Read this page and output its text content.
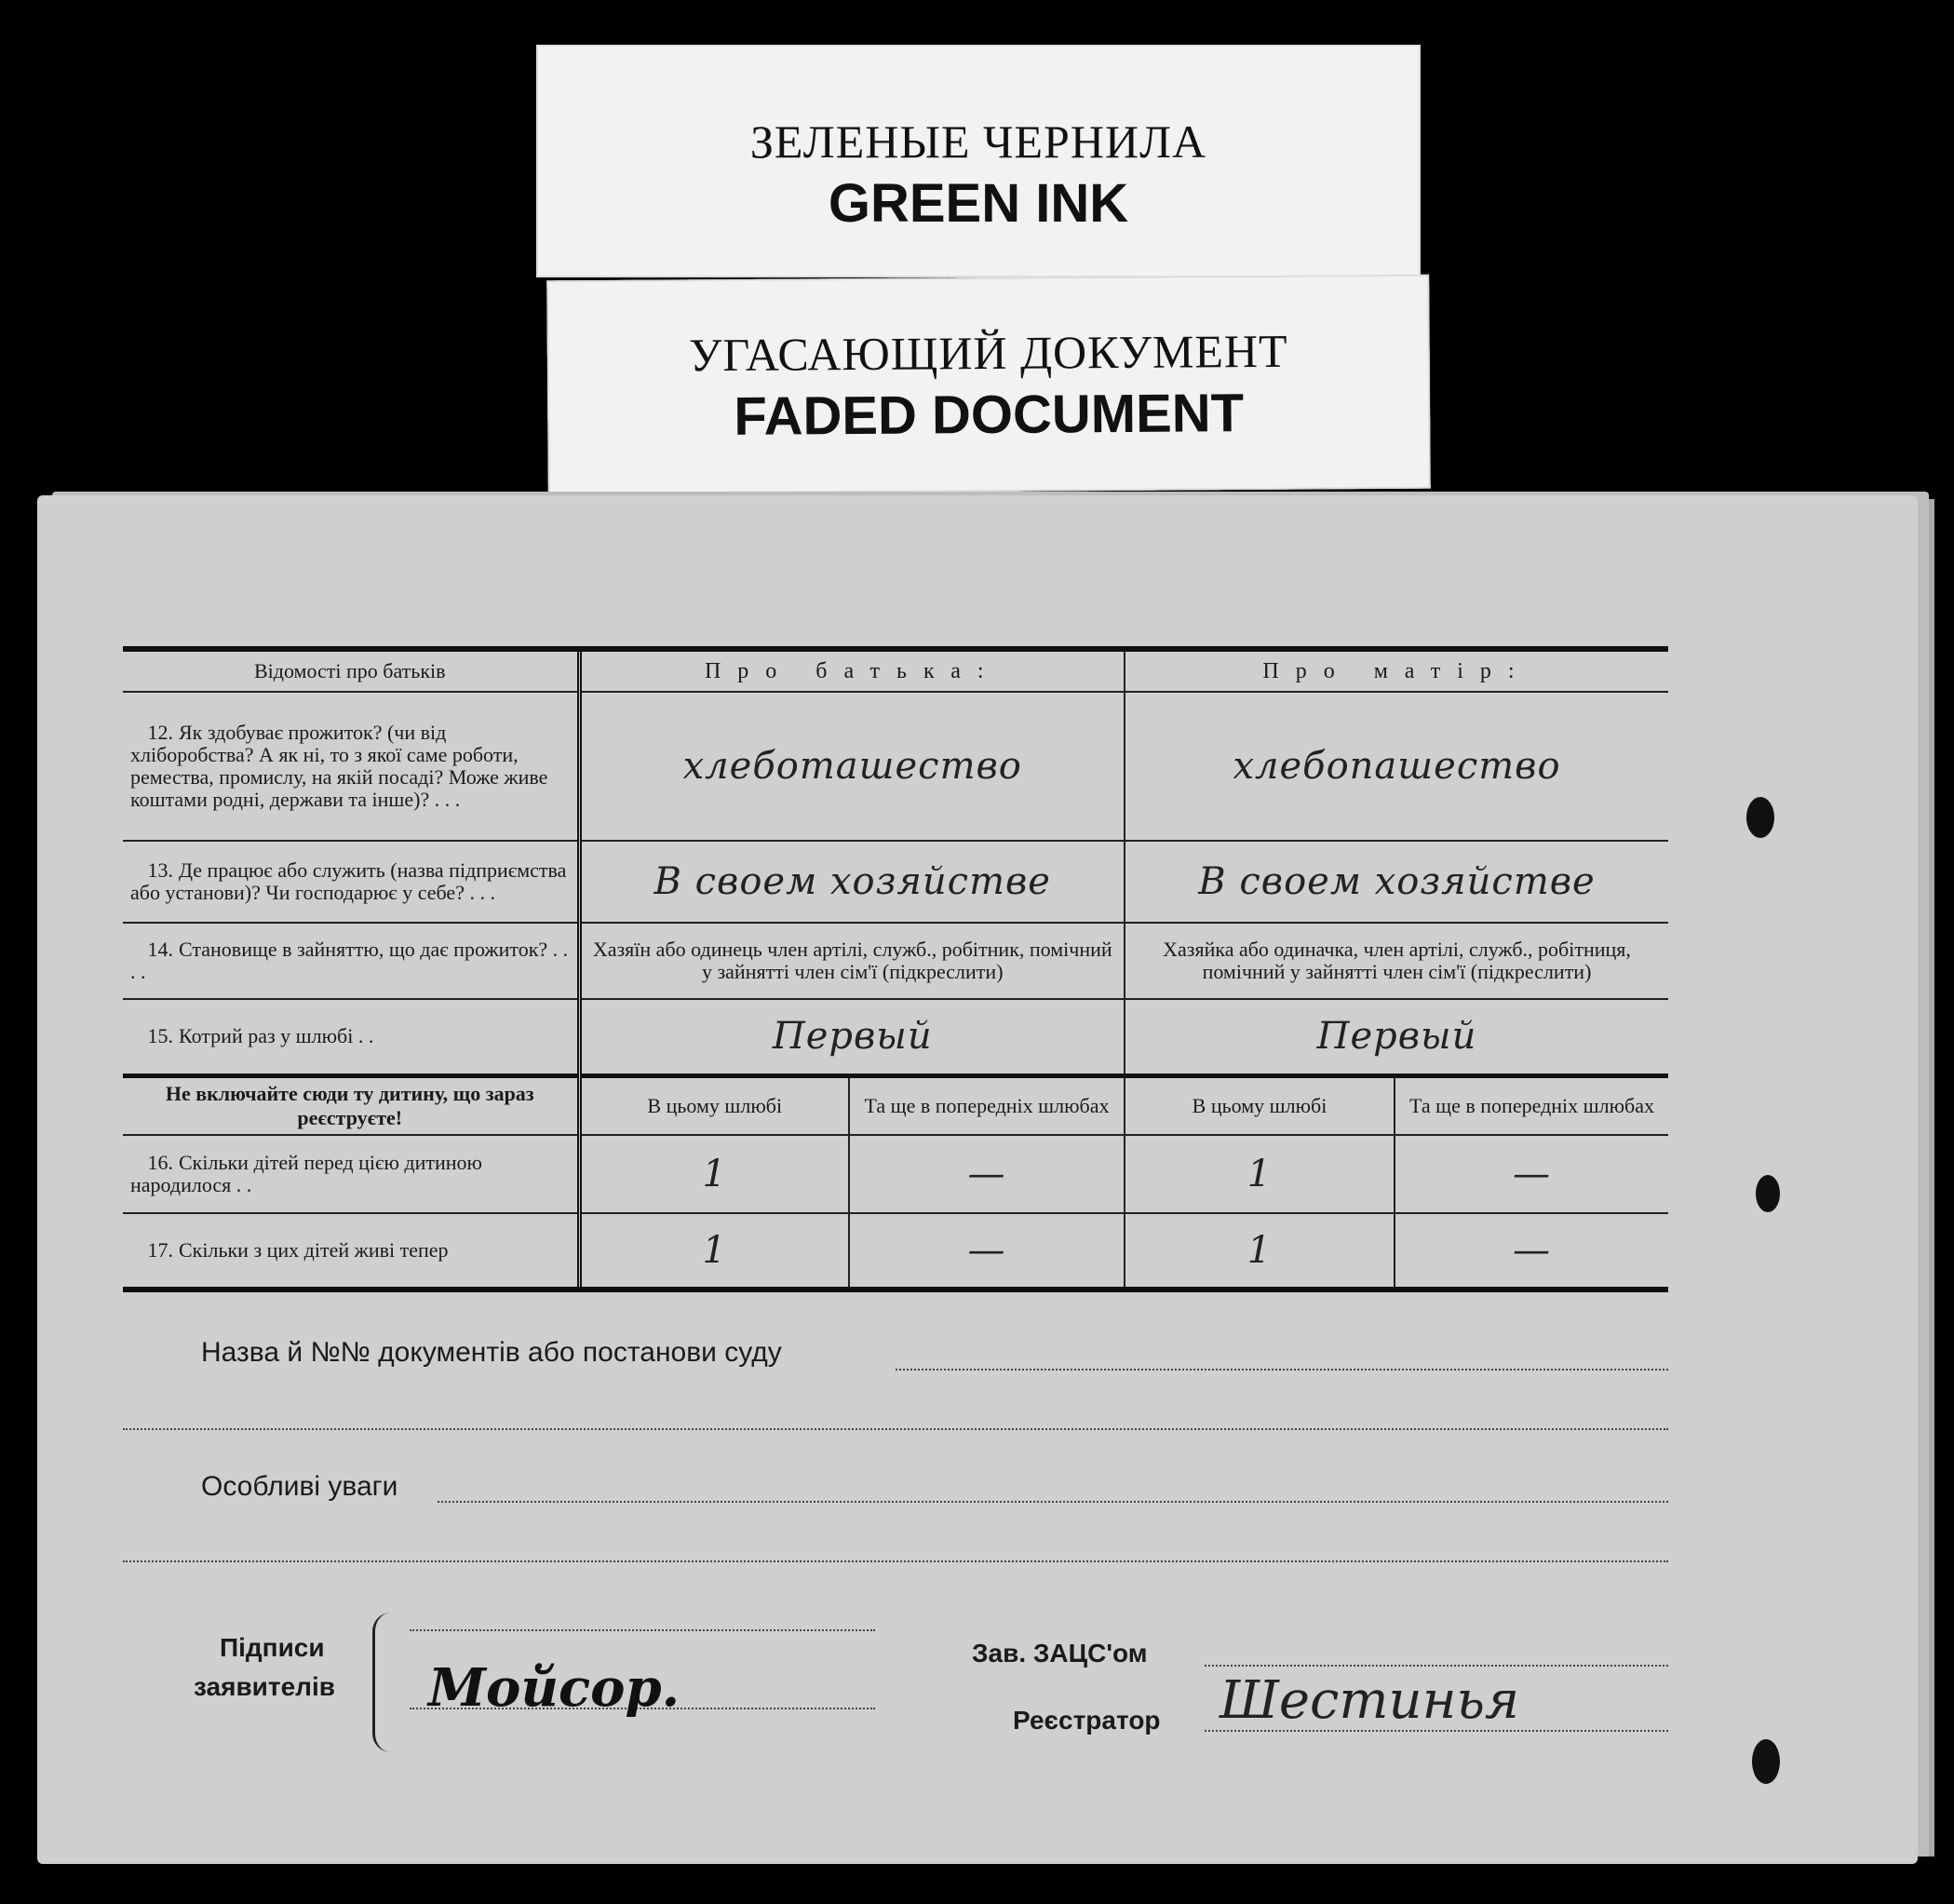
ЗЕЛЕНЫЕ ЧЕРНИЛА
GREEN INK
УГАСАЮЩИЙ ДОКУМЕНТ
FADED DOCUMENT
Відомості про батьків	Про батька:		Про матір:	
12. Як здобуває прожиток? (чи від хліборобства? А як ні, то з якої саме роботи, ремества, промислу, на якій посаді? Може живе коштами родні, держави та інше)? . . .	хлеботашество		хлебопашество	
13. Де працює або служить (назва підприємства або установи)? Чи господарює у себе? . . .	В своем хозяйстве		В своем хозяйстве	
14. Становище в зайняттю, що дає прожиток? . . . .	Хазяїн або одинець член артілі, служб., робітник, помічний у зайнятті член сім'ї (підкреслити)		Хазяйка або одиначка, член артілі, служб., робітниця, помічний у зайнятті член сім'ї (підкреслити)	
15. Котрий раз у шлюбі . .	Первый		Первый	
Не включайте сюди ту дитину, що зараз реєструєте!	В цьому шлюбі	Та ще в попередніх шлюбах	В цьому шлюбі	Та ще в попередніх шлюбах
16. Скільки дітей перед цією дитиною народилося . .	1	—	1	—
17. Скільки з цих дітей живі тепер	1	—	1	—
Назва й №№ документів або постанови суду
Особливі уваги
Підписи
заявителів Мойсор.
Зав. ЗАЦС'ом
Реєстратор Шестинья
